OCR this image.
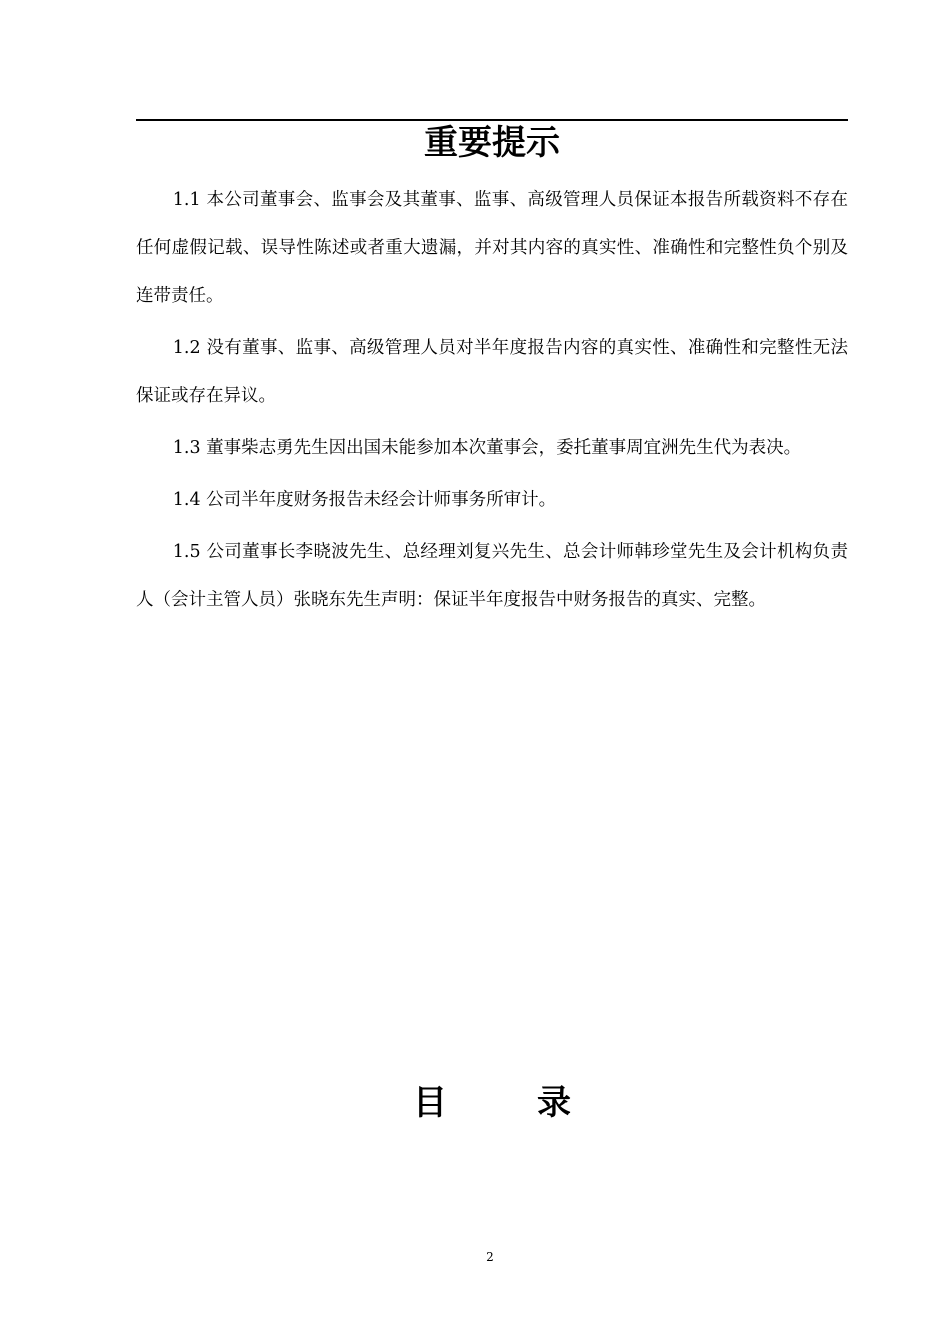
重要提示

1.1 本公司董事会、监事会及其董事、监事、高级管理人员保证本报告所载资料不存在任何虚假记载、误导性陈述或者重大遗漏，并对其内容的真实性、准确性和完整性负个别及连带责任。

1.2 没有董事、监事、高级管理人员对半年度报告内容的真实性、准确性和完整性无法保证或存在异议。

1.3 董事柴志勇先生因出国未能参加本次董事会，委托董事周宜洲先生代为表决。

1.4 公司半年度财务报告未经会计师事务所审计。

1.5 公司董事长李晓波先生、总经理刘复兴先生、总会计师韩珍堂先生及会计机构负责人（会计主管人员）张晓东先生声明：保证半年度报告中财务报告的真实、完整。

目	录
2
